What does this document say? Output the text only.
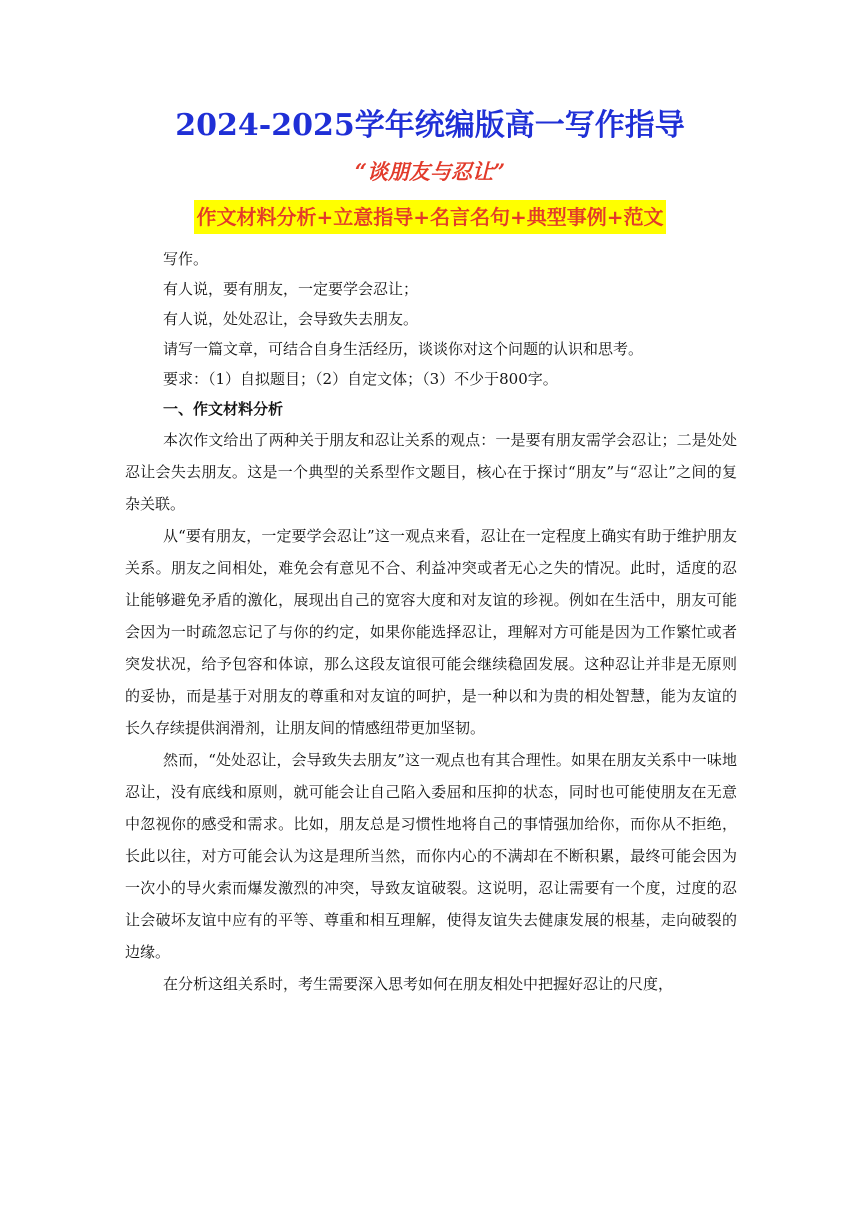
2024-2025学年统编版高一写作指导
“谈朋友与忍让”
作文材料分析+立意指导+名言名句+典型事例+范文
写作。
有人说，要有朋友，一定要学会忍让；
有人说，处处忍让，会导致失去朋友。
请写一篇文章，可结合自身生活经历，谈谈你对这个问题的认识和思考。
要求：（1）自拟题目；（2）自定文体；（3）不少于800字。
一、作文材料分析

本次作文给出了两种关于朋友和忍让关系的观点：一是要有朋友需学会忍让；二是处处忍让会失去朋友。这是一个典型的关系型作文题目，核心在于探讨“朋友”与“忍让”之间的复杂关联。

从“要有朋友，一定要学会忍让”这一观点来看，忍让在一定程度上确实有助于维护朋友关系。朋友之间相处，难免会有意见不合、利益冲突或者无心之失的情况。此时，适度的忍让能够避免矛盾的激化，展现出自己的宽容大度和对友谊的珍视。例如在生活中，朋友可能会因为一时疏忽忘记了与你的约定，如果你能选择忍让，理解对方可能是因为工作繁忙或者突发状况，给予包容和体谅，那么这段友谊很可能会继续稳固发展。这种忍让并非是无原则的妥协，而是基于对朋友的尊重和对友谊的呵护，是一种以和为贵的相处智慧，能为友谊的长久存续提供润滑剂，让朋友间的情感纽带更加坚韧。

然而，“处处忍让，会导致失去朋友”这一观点也有其合理性。如果在朋友关系中一味地忍让，没有底线和原则，就可能会让自己陷入委屈和压抑的状态，同时也可能使朋友在无意中忽视你的感受和需求。比如，朋友总是习惯性地将自己的事情强加给你，而你从不拒绝，长此以往，对方可能会认为这是理所当然，而你内心的不满却在不断积累，最终可能会因为一次小的导火索而爆发激烈的冲突，导致友谊破裂。这说明，忍让需要有一个度，过度的忍让会破坏友谊中应有的平等、尊重和相互理解，使得友谊失去健康发展的根基，走向破裂的边缘。

在分析这组关系时，考生需要深入思考如何在朋友相处中把握好忍让的尺度，
